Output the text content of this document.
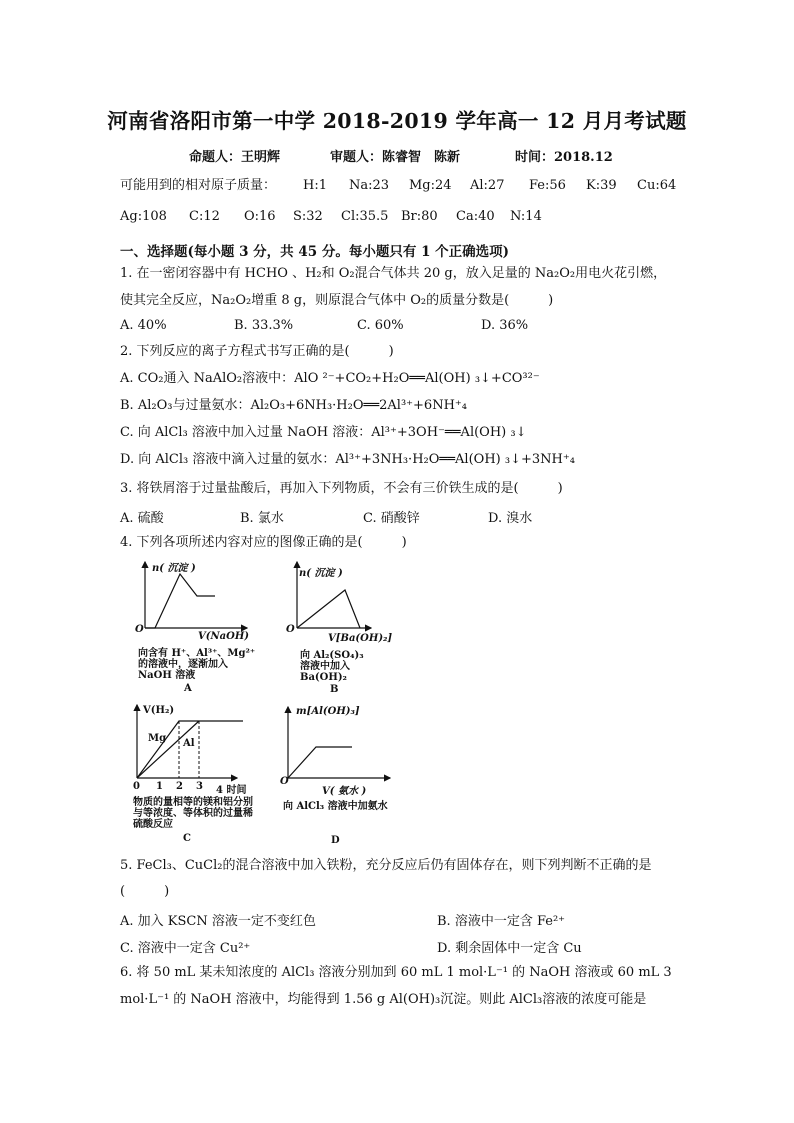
河南省洛阳市第一中学 2018-2019 学年高一 12 月月考试题
命题人：王明辉	审题人：陈睿智　陈新	时间：2018.12
可能用到的相对原子质量： H:1 Na:23 Mg:24 Al:27 Fe:56 K:39 Cu:64
Ag:108 C:12 O:16 S:32 Cl:35.5 Br:80 Ca:40 N:14
一、选择题(每小题 3 分，共 45 分。每小题只有 1 个正确选项)
1. 在一密闭容器中有 HCHO 、H₂和 O₂混合气体共 20 g，放入足量的 Na₂O₂用电火花引燃，
使其完全反应，Na₂O₂增重 8 g，则原混合气体中 O₂的质量分数是(　　　)
A. 40%	B. 33.3%	C. 60%	D. 36%
2. 下列反应的离子方程式书写正确的是(　　　)
A. CO₂通入 NaAlO₂溶液中：AlO ²⁻+CO₂+H₂O══Al(OH) ₃↓+CO³²⁻
B. Al₂O₃与过量氨水：Al₂O₃+6NH₃·H₂O══2Al³⁺+6NH⁺₄
C. 向 AlCl₃ 溶液中加入过量 NaOH 溶液：Al³⁺+3OH⁻══Al(OH) ₃↓
D. 向 AlCl₃ 溶液中滴入过量的氨水：Al³⁺+3NH₃·H₂O══Al(OH) ₃↓+3NH⁺₄
3. 将铁屑溶于过量盐酸后，再加入下列物质，不会有三价铁生成的是(　　　)
A. 硫酸	B. 氯水	C. 硝酸锌	D. 溴水
4. 下列各项所述内容对应的图像正确的是(　　　)
n( 沉淀 )
O
V(NaOH)
向含有 H⁺、Al³⁺、Mg²⁺的溶液中，逐渐加入 NaOH 溶液
A
n( 沉淀 )
O
V[Ba(OH)₂]
向 Al₂(SO₄)₃ 溶液中加入 Ba(OH)₂
B
V(H₂)
Mg Al
0 1 2 3 4 时间
物质的量相等的镁和铝分别与等浓度、等体积的过量稀硫酸反应
C
m[Al(OH)₃]
O
V( 氨水 )
向 AlCl₃ 溶液中加氨水
D
5. FeCl₃、CuCl₂的混合溶液中加入铁粉，充分反应后仍有固体存在，则下列判断不正确的是
(　　　)
A. 加入 KSCN 溶液一定不变红色	B. 溶液中一定含 Fe²⁺
C. 溶液中一定含 Cu²⁺	D. 剩余固体中一定含 Cu
6. 将 50 mL 某未知浓度的 AlCl₃ 溶液分别加到 60 mL 1 mol·L⁻¹ 的 NaOH 溶液或 60 mL 3
mol·L⁻¹ 的 NaOH 溶液中，均能得到 1.56 g Al(OH)₃沉淀。则此 AlCl₃溶液的浓度可能是
